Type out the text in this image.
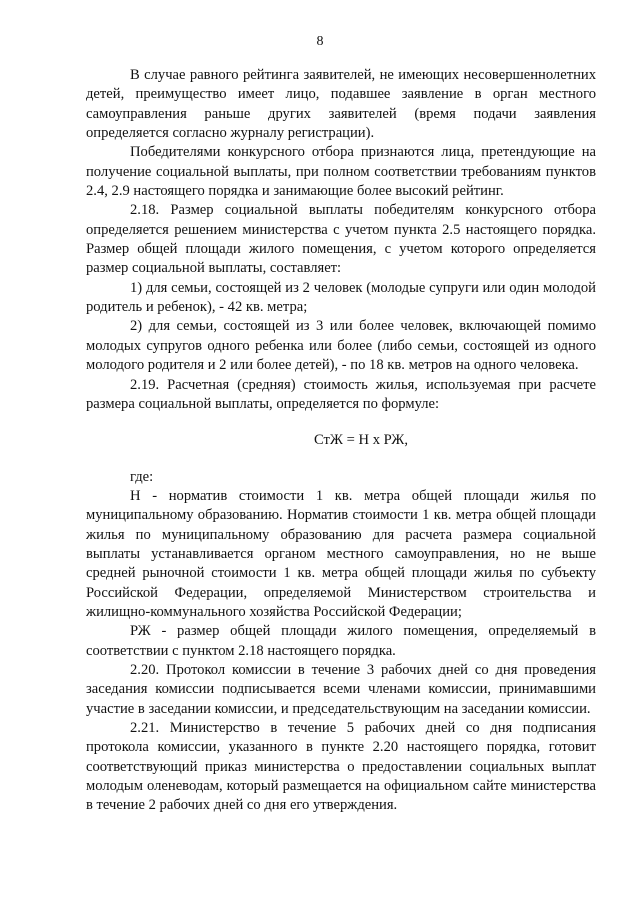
8

В случае равного рейтинга заявителей, не имеющих несовершеннолетних детей, преимущество имеет лицо, подавшее заявление в орган местного самоуправления раньше других заявителей (время подачи заявления определяется согласно журналу регистрации).

Победителями конкурсного отбора признаются лица, претендующие на получение социальной выплаты, при полном соответствии требованиям пунктов 2.4, 2.9 настоящего порядка и занимающие более высокий рейтинг.

2.18. Размер социальной выплаты победителям конкурсного отбора определяется решением министерства с учетом пункта 2.5 настоящего порядка. Размер общей площади жилого помещения, с учетом которого определяется размер социальной выплаты, составляет:

1) для семьи, состоящей из 2 человек (молодые супруги или один молодой родитель и ребенок), - 42 кв. метра;

2) для семьи, состоящей из 3 или более человек, включающей помимо молодых супругов одного ребенка или более (либо семьи, состоящей из одного молодого родителя и 2 или более детей), - по 18 кв. метров на одного человека.

2.19. Расчетная (средняя) стоимость жилья, используемая при расчете размера социальной выплаты, определяется по формуле:

СтЖ = Н х РЖ,

где:

Н - норматив стоимости 1 кв. метра общей площади жилья по муниципальному образованию. Норматив стоимости 1 кв. метра общей площади жилья по муниципальному образованию для расчета размера социальной выплаты устанавливается органом местного самоуправления, но не выше средней рыночной стоимости 1 кв. метра общей площади жилья по субъекту Российской Федерации, определяемой Министерством строительства и жилищно-коммунального хозяйства Российской Федерации;

РЖ - размер общей площади жилого помещения, определяемый в соответствии с пунктом 2.18 настоящего порядка.

2.20. Протокол комиссии в течение 3 рабочих дней со дня проведения заседания комиссии подписывается всеми членами комиссии, принимавшими участие в заседании комиссии, и председательствующим на заседании комиссии.

2.21. Министерство в течение 5 рабочих дней со дня подписания протокола комиссии, указанного в пункте 2.20 настоящего порядка, готовит соответствующий приказ министерства о предоставлении социальных выплат молодым оленеводам, который размещается на официальном сайте министерства в течение 2 рабочих дней со дня его утверждения.
